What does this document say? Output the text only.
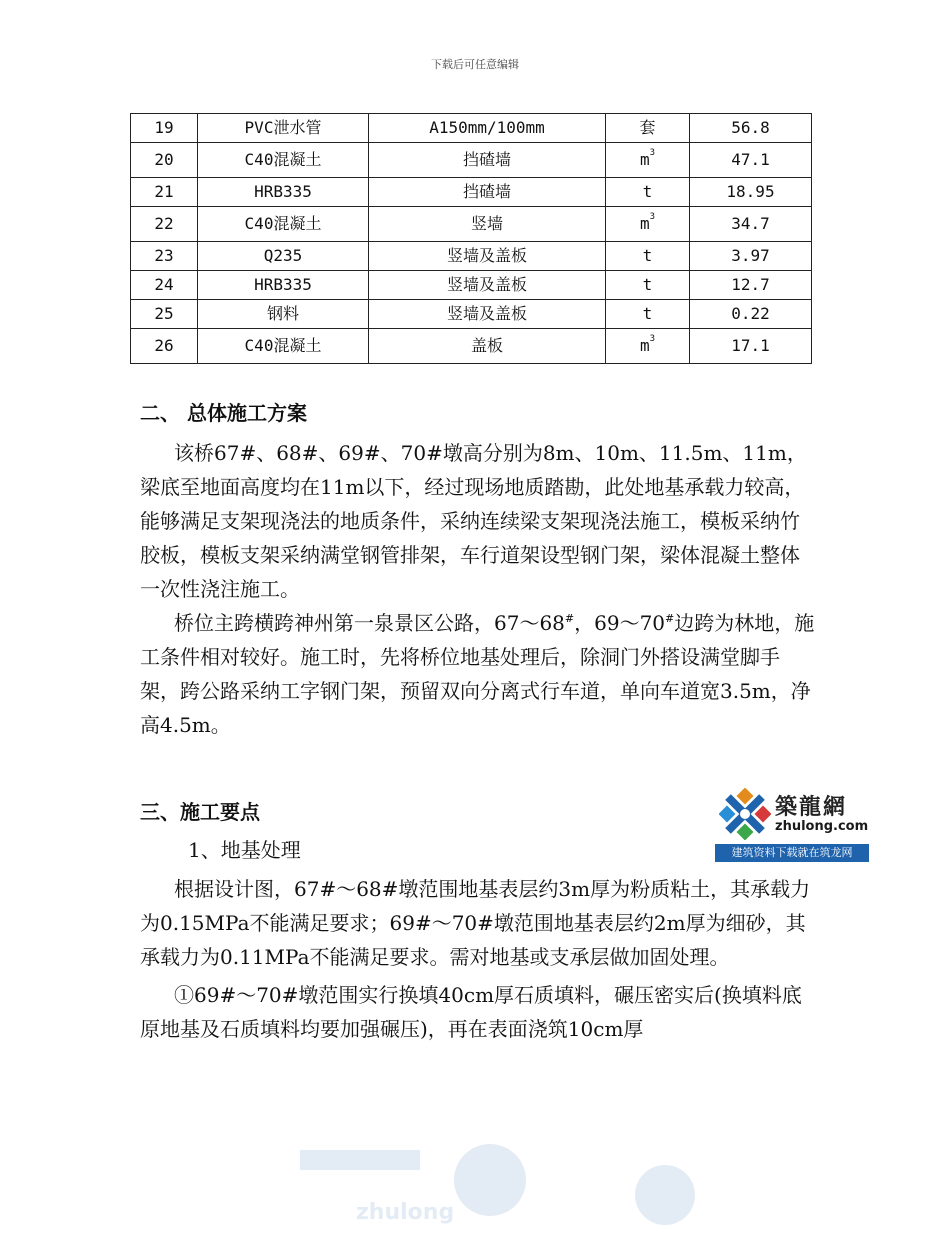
下载后可任意编辑
19	PVC泄水管	A150mm/100mm	套	56.8
20	C40混凝土	挡碴墙	$m^3$	47.1
21	HRB335	挡碴墙	t	18.95
22	C40混凝土	竖墙	$m^3$	34.7
23	Q235	竖墙及盖板	t	3.97
24	HRB335	竖墙及盖板	t	12.7
25	钢料	竖墙及盖板	t	0.22
26	C40混凝土	盖板	$m^3$	17.1

二、 总体施工方案

该桥67#、68#、69#、70#墩高分别为8m、10m、11.5m、11m，梁底至地面高度均在11m以下，经过现场地质踏勘，此处地基承载力较高，能够满足支架现浇法的地质条件，采纳连续梁支架现浇法施工，模板采纳竹胶板，模板支架采纳满堂钢管排架，车行道架设型钢门架，梁体混凝土整体一次性浇注施工。

桥位主跨横跨神州第一泉景区公路，67～68#，69～70#边跨为林地，施工条件相对较好。施工时，先将桥位地基处理后，除洞门外搭设满堂脚手架，跨公路采纳工字钢门架，预留双向分离式行车道，单向车道宽3.5m，净高4.5m。

三、施工要点

1、地基处理

根据设计图，67#～68#墩范围地基表层约3m厚为粉质粘土，其承载力为0.15MPa不能满足要求；69#～70#墩范围地基表层约2m厚为细砂，其承载力为0.11MPa不能满足要求。需对地基或支承层做加固处理。

①69#～70#墩范围实行换填40cm厚石质填料，碾压密实后(换填料底原地基及石质填料均要加强碾压)，再在表面浇筑10cm厚

築龍網
zhulong.com
建筑资料下载就在筑龙网
zhulong
